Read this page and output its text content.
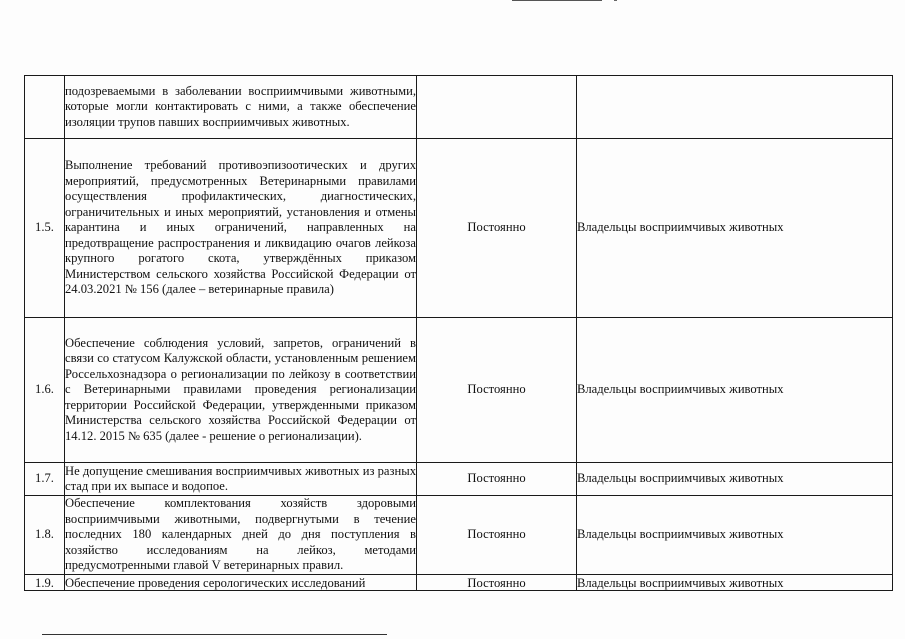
	подозреваемыми в заболевании восприимчивыми животными, которые могли контактировать с ними, а также обеспечение изоляции трупов павших восприимчивых животных.		
1.5.	Выполнение требований противоэпизоотических и других мероприятий, предусмотренных Ветеринарными правилами осуществления профилактических, диагностических, ограничительных и иных мероприятий, установления и отмены карантина и иных ограничений, направленных на предотвращение распространения и ликвидацию очагов лейкоза крупного рогатого скота, утверждённых приказом Министерством сельского хозяйства Российской Федерации от 24.03.2021 № 156 (далее – ветеринарные правила)	Постоянно	Владельцы восприимчивых животных
1.6.	Обеспечение соблюдения условий, запретов, ограничений в связи со статусом Калужской области, установленным решением Россельхознадзора о регионализации по лейкозу в соответствии с Ветеринарными правилами проведения регионализации территории Российской Федерации, утвержденными приказом Министерства сельского хозяйства Российской Федерации от 14.12. 2015 № 635 (далее - решение о регионализации).	Постоянно	Владельцы восприимчивых животных
1.7.	Не допущение смешивания восприимчивых животных из разных стад при их выпасе и водопое.	Постоянно	Владельцы восприимчивых животных
1.8.	Обеспечение комплектования хозяйств здоровыми восприимчивыми животными, подвергнутыми в течение последних 180 календарных дней до дня поступления в хозяйство исследованиям на лейкоз, методами предусмотренными главой V ветеринарных правил.	Постоянно	Владельцы восприимчивых животных

1.9.	Обеспечение проведения серологических исследований	Постоянно	Владельцы восприимчивых животных
